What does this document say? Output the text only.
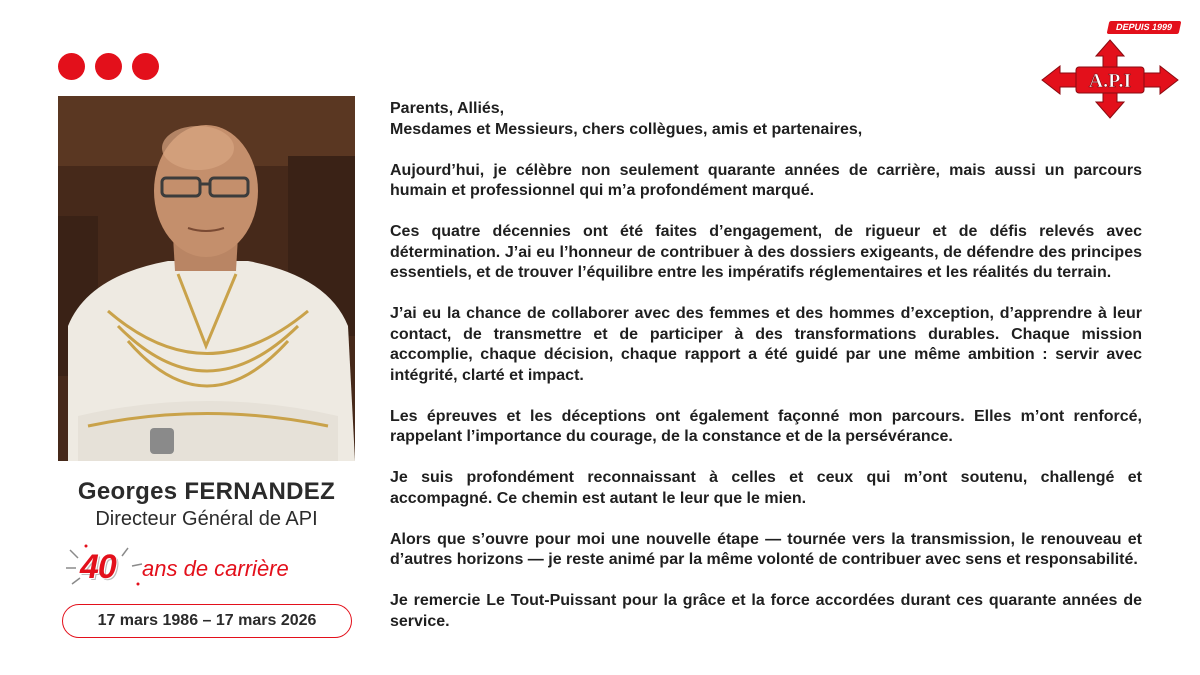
DEPUIS 1999
A.P.I
Georges FERNANDEZ
Directeur Général de API
40 ans de carrière
17 mars 1986 – 17 mars 2026

Parents, Alliés,
Mesdames et Messieurs, chers collègues, amis et partenaires,

Aujourd’hui, je célèbre non seulement quarante années de carrière, mais aussi un parcours humain et professionnel qui m’a profondément marqué.

Ces quatre décennies ont été faites d’engagement, de rigueur et de défis relevés avec détermination. J’ai eu l’honneur de contribuer à des dossiers exigeants, de défendre des principes essentiels, et de trouver l’équilibre entre les impératifs réglementaires et les réalités du terrain.

J’ai eu la chance de collaborer avec des femmes et des hommes d’exception, d’apprendre à leur contact, de transmettre et de participer à des transformations durables. Chaque mission accomplie, chaque décision, chaque rapport a été guidé par une même ambition : servir avec intégrité, clarté et impact.

Les épreuves et les déceptions ont également façonné mon parcours. Elles m’ont renforcé, rappelant l’importance du courage, de la constance et de la persévérance.

Je suis profondément reconnaissant à celles et ceux qui m’ont soutenu, challengé et accompagné. Ce chemin est autant le leur que le mien.

Alors que s’ouvre pour moi une nouvelle étape — tournée vers la transmission, le renouveau et d’autres horizons — je reste animé par la même volonté de contribuer avec sens et responsabilité.

Je remercie Le Tout-Puissant pour la grâce et la force accordées durant ces quarante années de service.
